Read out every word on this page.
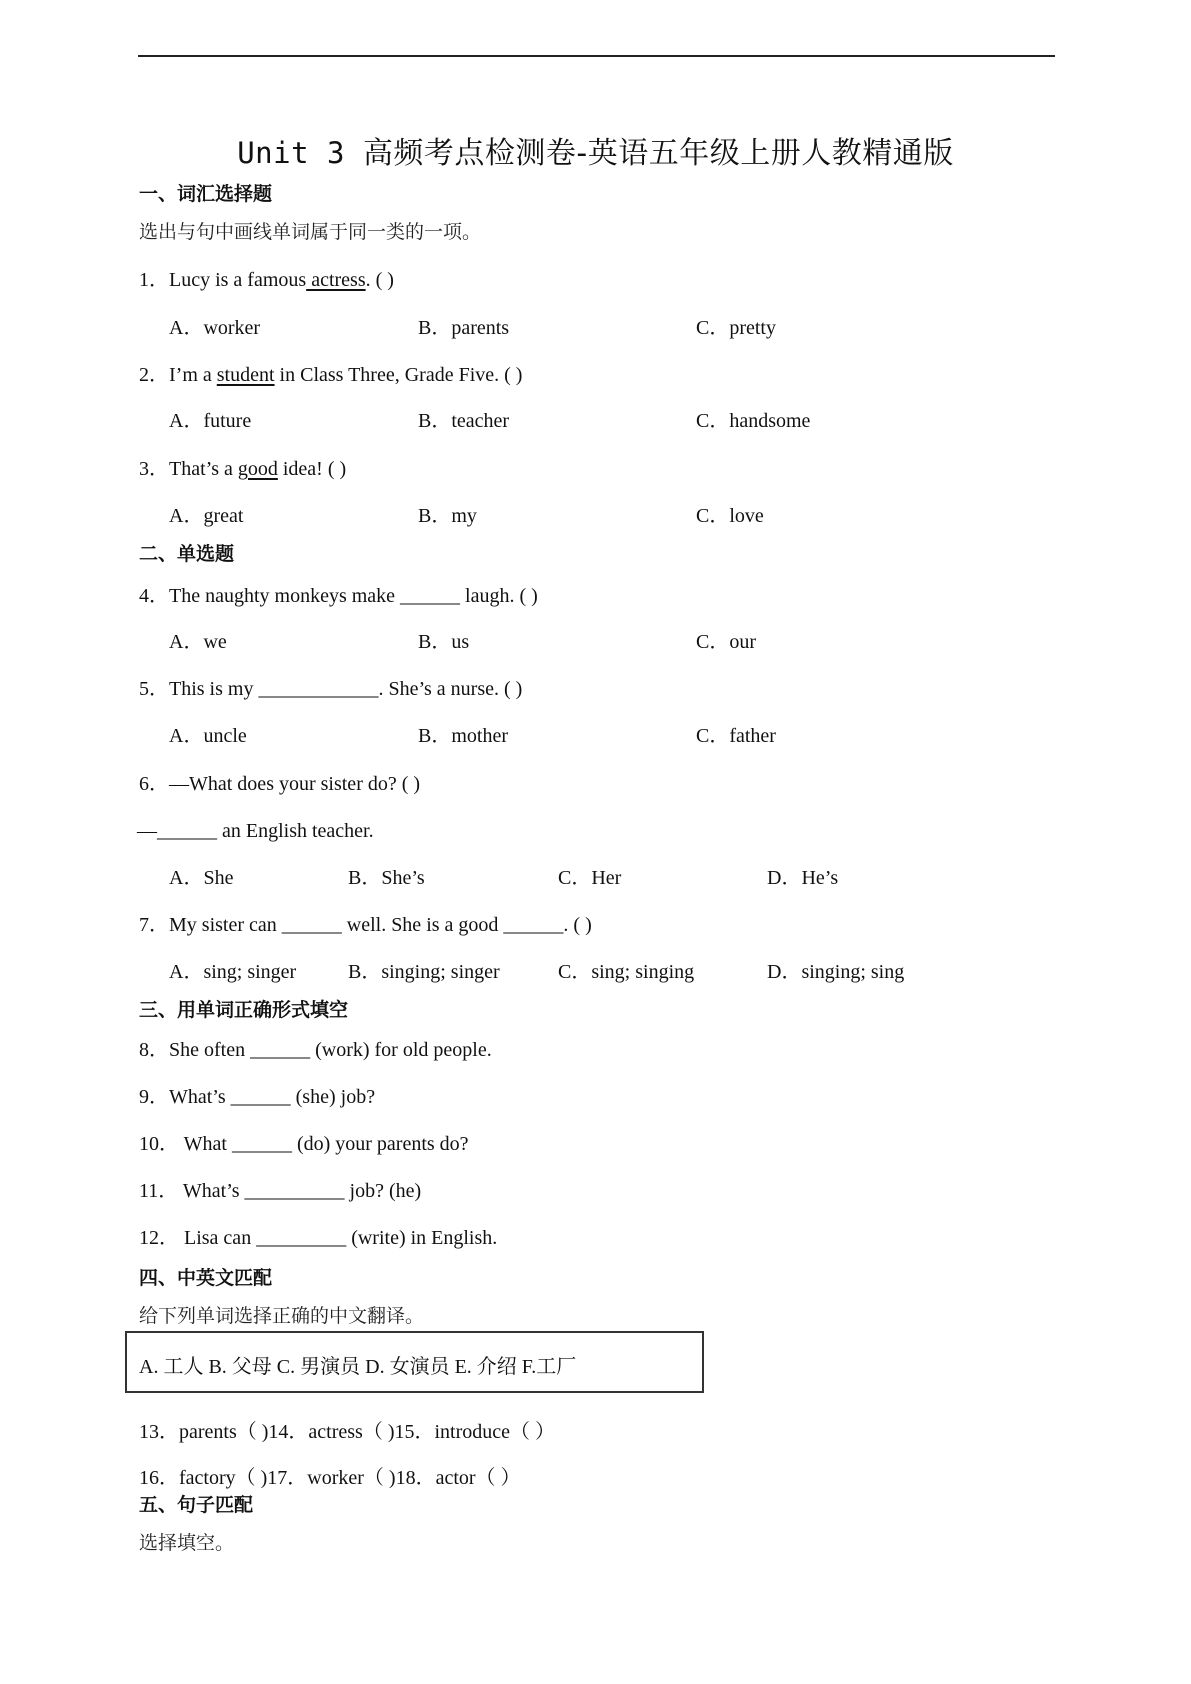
Unit 3 高频考点检测卷-英语五年级上册人教精通版
一、词汇选择题
选出与句中画线单词属于同一类的一项。
1．Lucy is a famous actress. ( )
A．worker	B．parents	C．pretty
2．I’m a student in Class Three, Grade Five. ( )
A．future	B．teacher	C．handsome
3．That’s a good idea! ( )
A．great	B．my	C．love
二、单选题
4．The naughty monkeys make ______ laugh. ( )
A．we	B．us	C．our
5．This is my ____________. She’s a nurse. ( )
A．uncle	B．mother	C．father
6．—What does your sister do? ( )
—______ an English teacher.
A．She	B．She’s	C．Her	D．He’s
7．My sister can ______ well. She is a good ______. ( )
A．sing; singer	B．singing; singer	C．sing; singing	D．singing; sing
三、用单词正确形式填空
8．She often ______ (work) for old people.
9．What’s ______ (she) job?
10． What ______ (do) your parents do?
11． What’s __________ job? (he)
12． Lisa can _________ (write) in English.
四、中英文匹配
给下列单词选择正确的中文翻译。
A. 工人 B. 父母 C. 男演员 D. 女演员 E. 介绍 F.工厂
13．parents（ )14．actress（ )15．introduce（ ）
16．factory（ )17．worker（ )18．actor（ ）
五、句子匹配
选择填空。
